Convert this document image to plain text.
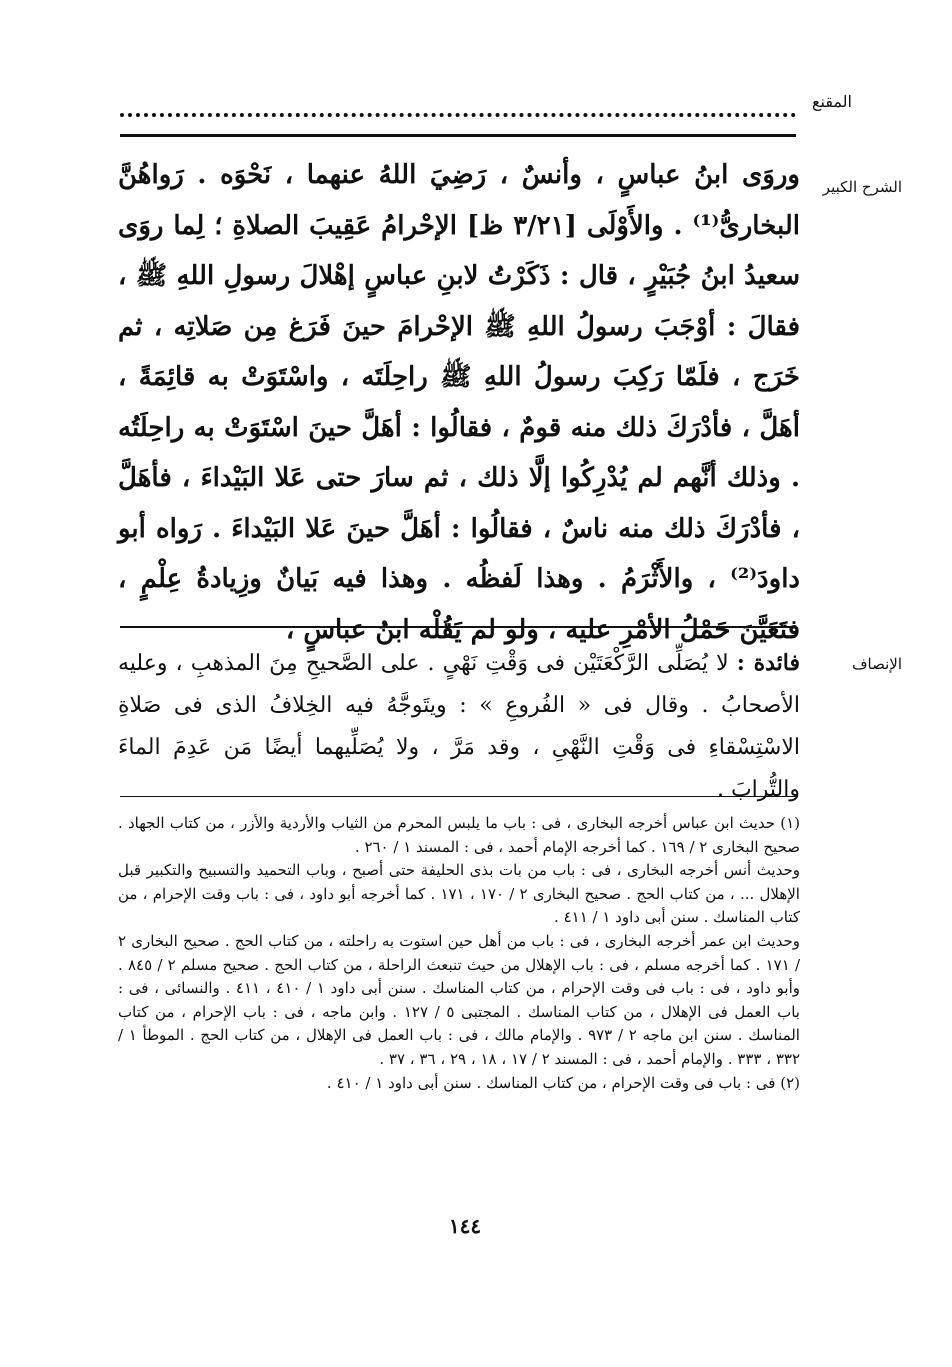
المقنع
الشرح الكبير

وروَى ابنُ عباسٍ ، وأنسٌ ، رَضِيَ اللهُ عنهما ، نَحْوَه . رَواهُنَّ البخارىُّ⁽¹⁾ . والأَوْلَى [٣/٢١ ظ] الإحْرامُ عَقِيبَ الصلاةِ ؛ لِما روَى سعيدُ ابنُ جُبَيْرٍ ، قال : ذَكَرْتُ لابنِ عباسٍ إهْلالَ رسولِ اللهِ ﷺ ، فقالَ : أوْجَبَ رسولُ اللهِ ﷺ الإحْرامَ حينَ فَرَغ مِن صَلاتِه ، ثم خَرَج ، فلَمّا رَكِبَ رسولُ اللهِ ﷺ راحِلَتَه ، واسْتَوَتْ به قائِمَةً ، أهَلَّ ، فأدْرَكَ ذلك منه قومٌ ، فقالُوا : أهَلَّ حينَ اسْتَوَتْ به راحِلَتُه . وذلك أنَّهم لم يُدْرِكُوا إلَّا ذلك ، ثم سارَ حتى عَلا البَيْداءَ ، فأهَلَّ ، فأدْرَكَ ذلك منه ناسٌ ، فقالُوا : أهَلَّ حينَ عَلا البَيْداءَ . رَواه أبو داودَ⁽²⁾ ، والأَثْرَمُ . وهذا لَفظُه . وهذا فيه بَيانٌ وزِيادةُ عِلْمٍ ، فتَعَيَّنَ حَمْلُ الأمْرِ عليه ، ولو لم يَقُلْه ابنُ عباسٍ ،

الإنصاف
فائدة : لا يُصَلِّى الرَّكْعَتَيْن فى وَقْتِ نَهْىٍ . على الصَّحيحِ مِنَ المذهبِ ، وعليه الأصحابُ . وقال فى « الفُروعِ » : ويتَوجَّهُ فيه الخِلافُ الذى فى صَلاةِ الاسْتِسْقاءِ فى وَقْتِ النَّهْىِ ، وقد مَرَّ ، ولا يُصَلِّيهما أيضًا مَن عَدِمَ الماءَ والتُّرابَ .

(١) حديث ابن عباس أخرجه البخارى ، فى : باب ما يلبس المحرم من الثياب والأردية والأزر ، من كتاب الجهاد . صحيح البخارى ٢ / ١٦٩ . كما أخرجه الإمام أحمد ، فى : المسند ١ / ٢٦٠ .

وحديث أنس أخرجه البخارى ، فى : باب من بات بذى الحليفة حتى أصبح ، وباب التحميد والتسبيح والتكبير قبل الإهلال ... ، من كتاب الحج . صحيح البخارى ٢ / ١٧٠ ، ١٧١ . كما أخرجه أبو داود ، فى : باب وقت الإحرام ، من كتاب المناسك . سنن أبى داود ١ / ٤١١ .

وحديث ابن عمر أخرجه البخارى ، فى : باب من أهل حين استوت به راحلته ، من كتاب الحج . صحيح البخارى ٢ / ١٧١ . كما أخرجه مسلم ، فى : باب الإهلال من حيث تنبعث الراحلة ، من كتاب الحج . صحيح مسلم ٢ / ٨٤٥ . وأبو داود ، فى : باب فى وقت الإحرام ، من كتاب المناسك . سنن أبى داود ١ / ٤١٠ ، ٤١١ . والنسائى ، فى : باب العمل فى الإهلال ، من كتاب المناسك . المجتبى ٥ / ١٢٧ . وابن ماجه ، فى : باب الإحرام ، من كتاب المناسك . سنن ابن ماجه ٢ / ٩٧٣ . والإمام مالك ، فى : باب العمل فى الإهلال ، من كتاب الحج . الموطأ ١ / ٣٣٢ ، ٣٣٣ . والإمام أحمد ، فى : المسند ٢ / ١٧ ، ١٨ ، ٢٩ ، ٣٦ ، ٣٧ .

(٢) فى : باب فى وقت الإحرام ، من كتاب المناسك . سنن أبى داود ١ / ٤١٠ .

١٤٤
